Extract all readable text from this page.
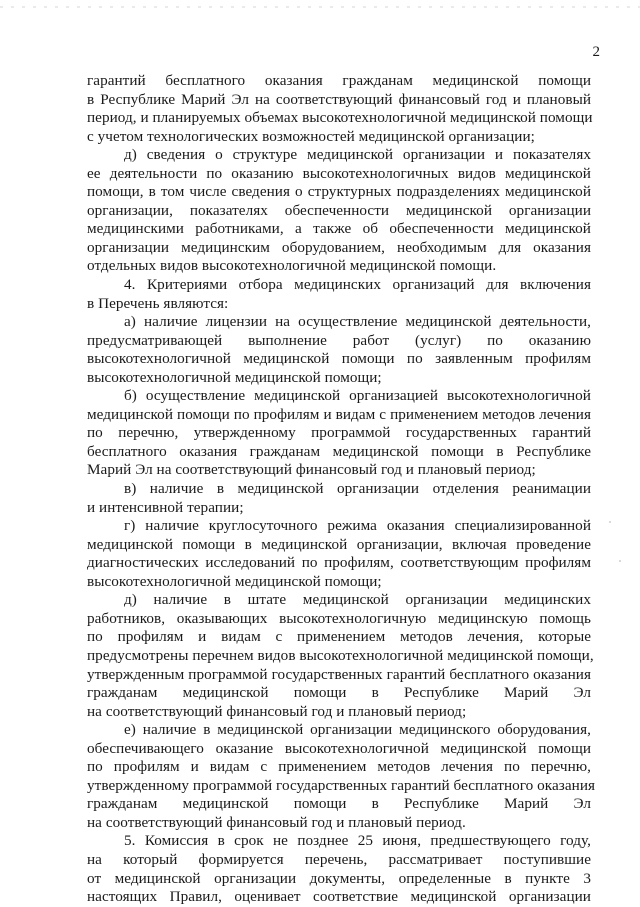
2
гарантий бесплатного оказания гражданам медицинской помощи
в Республике Марий Эл на соответствующий финансовый год и плановый
период, и планируемых объемах высокотехнологичной медицинской помощи
с учетом технологических возможностей медицинской организации;
д) сведения о структуре медицинской организации и показателях
ее деятельности по оказанию высокотехнологичных видов медицинской
помощи, в том числе сведения о структурных подразделениях медицинской
организации, показателях обеспеченности медицинской организации
медицинскими работниками, а также об обеспеченности медицинской
организации медицинским оборудованием, необходимым для оказания
отдельных видов высокотехнологичной медицинской помощи.
4. Критериями отбора медицинских организаций для включения
в Перечень являются:
а) наличие лицензии на осуществление медицинской деятельности,
предусматривающей выполнение работ (услуг) по оказанию
высокотехнологичной медицинской помощи по заявленным профилям
высокотехнологичной медицинской помощи;
б) осуществление медицинской организацией высокотехнологичной
медицинской помощи по профилям и видам с применением методов лечения
по перечню, утвержденному программой государственных гарантий
бесплатного оказания гражданам медицинской помощи в Республике
Марий Эл на соответствующий финансовый год и плановый период;
в) наличие в медицинской организации отделения реанимации
и интенсивной терапии;
г) наличие круглосуточного режима оказания специализированной
медицинской помощи в медицинской организации, включая проведение
диагностических исследований по профилям, соответствующим профилям
высокотехнологичной медицинской помощи;
д) наличие в штате медицинской организации медицинских
работников, оказывающих высокотехнологичную медицинскую помощь
по профилям и видам с применением методов лечения, которые
предусмотрены перечнем видов высокотехнологичной медицинской помощи,
утвержденным программой государственных гарантий бесплатного оказания
гражданам медицинской помощи в Республике Марий Эл
на соответствующий финансовый год и плановый период;
е) наличие в медицинской организации медицинского оборудования,
обеспечивающего оказание высокотехнологичной медицинской помощи
по профилям и видам с применением методов лечения по перечню,
утвержденному программой государственных гарантий бесплатного оказания
гражданам медицинской помощи в Республике Марий Эл
на соответствующий финансовый год и плановый период.
5. Комиссия в срок не позднее 25 июня, предшествующего году,
на который формируется перечень, рассматривает поступившие
от медицинской организации документы, определенные в пункте 3
настоящих Правил, оценивает соответствие медицинской организации
